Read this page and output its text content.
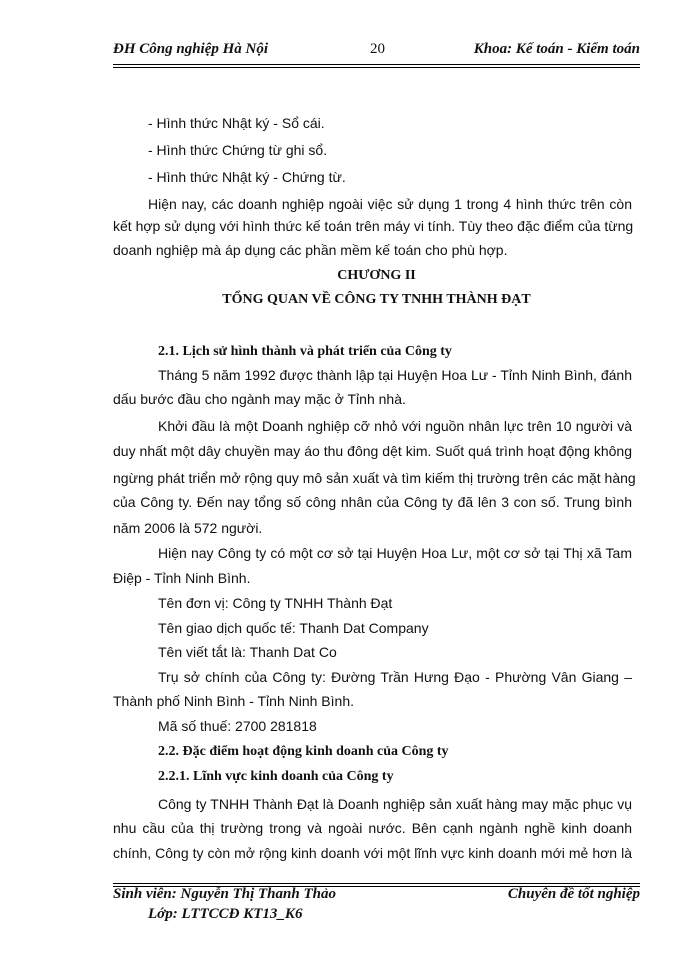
ĐH Công nghiệp Hà Nội	20	Khoa: Kế toán - Kiểm toán
- Hình thức Nhật ký - Sổ cái.
- Hình thức Chứng từ ghi sổ.
- Hình thức Nhật ký - Chứng từ.
Hiện nay, các doanh nghiệp ngoài việc sử dụng 1 trong 4 hình thức trên còn
kết hợp sử dụng với hình thức kế toán trên máy vi tính. Tùy theo đặc điểm của từng
doanh nghiệp mà áp dụng các phần mềm kế toán cho phù hợp.
CHƯƠNG II
TỔNG QUAN VỀ CÔNG TY TNHH THÀNH ĐẠT
2.1. Lịch sử hình thành và phát triển của Công ty
Tháng 5 năm 1992 được thành lập tại Huyện Hoa Lư - Tỉnh Ninh Bình, đánh
dấu bước đầu cho ngành may mặc ở Tỉnh nhà.
Khởi đầu là một Doanh nghiệp cỡ nhỏ với nguồn nhân lực trên 10 người và
duy nhất một dây chuyền may áo thu đông dệt kim. Suốt quá trình hoạt động không
ngừng phát triển mở rộng quy mô sản xuất và tìm kiếm thị trường trên các mặt hàng
của Công ty. Đến nay tổng số công nhân của Công ty đã lên 3 con số. Trung bình
năm 2006 là 572 người.
Hiện nay Công ty có một cơ sở tại Huyện Hoa Lư, một cơ sở tại Thị xã Tam
Điệp - Tỉnh Ninh Bình.
Tên đơn vị: Công ty TNHH Thành Đạt
Tên giao dịch quốc tế: Thanh Dat Company
Tên viết tắt là: Thanh Dat Co
Trụ sở chính của Công ty: Đường Trần Hưng Đạo - Phường Vân Giang –
Thành phố Ninh Bình - Tỉnh Ninh Bình.
Mã số thuế: 2700 281818
2.2. Đặc điểm hoạt động kinh doanh của Công ty
2.2.1. Lĩnh vực kinh doanh của Công ty
Công ty TNHH Thành Đạt là Doanh nghiệp sản xuất hàng may mặc phục vụ
nhu cầu của thị trường trong và ngoài nước. Bên cạnh ngành nghề kinh doanh
chính, Công ty còn mở rộng kinh doanh với một lĩnh vực kinh doanh mới mẻ hơn là
Sinh viên: Nguyễn Thị Thanh Thảo	Chuyên đề tốt nghiệp
Lớp: LTTCCĐ KT13_K6
